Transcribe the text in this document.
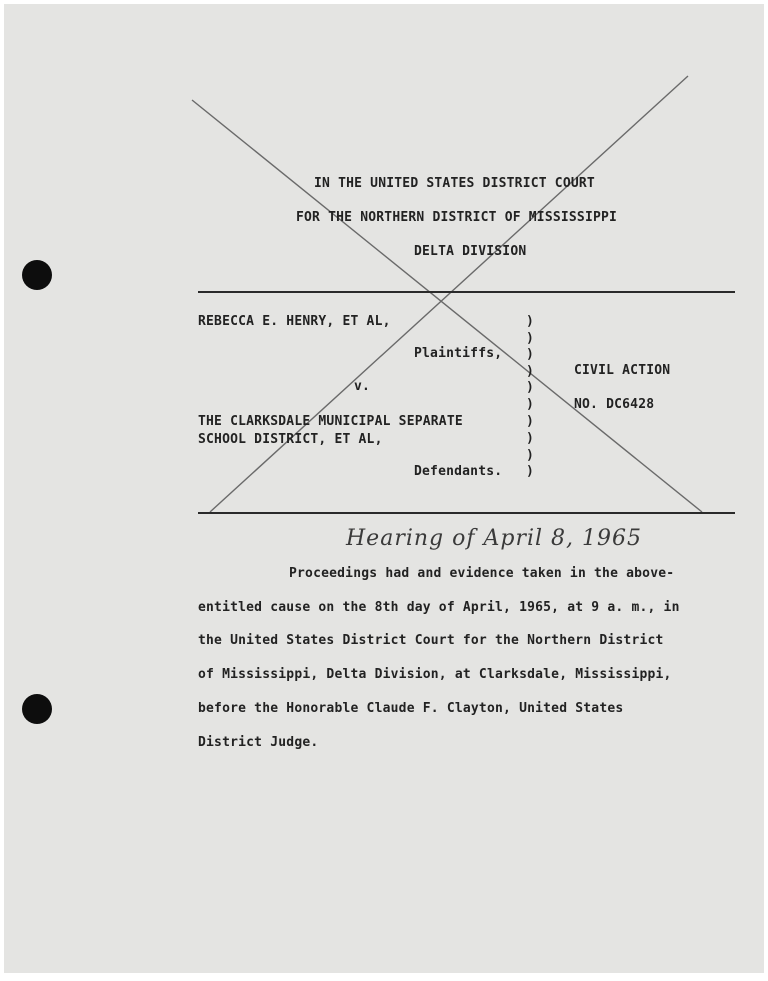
IN THE UNITED STATES DISTRICT COURT
FOR THE NORTHERN DISTRICT OF MISSISSIPPI
DELTA DIVISION
REBECCA E. HENRY, ET AL,
Plaintiffs,
v.
THE CLARKSDALE MUNICIPAL SEPARATE
SCHOOL DISTRICT, ET AL,
Defendants.
)
)
)
)
)
)
)
)
)
)
CIVIL ACTION
NO. DC6428
Hearing of April 8, 1965
Proceedings had and evidence taken in the above-
entitled cause on the 8th day of April, 1965, at 9 a. m., in
the United States District Court for the Northern District
of Mississippi, Delta Division, at Clarksdale, Mississippi,
before the Honorable Claude F. Clayton, United States
District Judge.
